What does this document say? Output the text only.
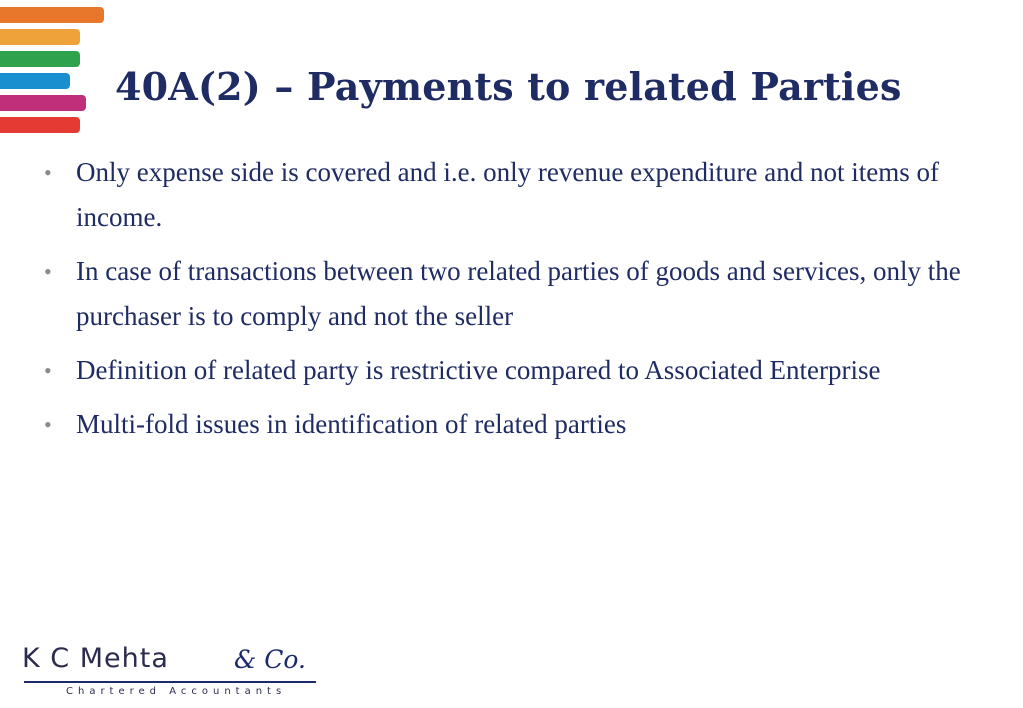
40A(2) – Payments to related Parties
• Only expense side is covered and i.e. only revenue expenditure and not items of income.
• In case of transactions between two related parties of goods and services, only the purchaser is to comply and not the seller
• Definition of related party is restrictive compared to Associated Enterprise
• Multi-fold issues in identification of related parties
K C Mehta	& Co.
Chartered Accountants
